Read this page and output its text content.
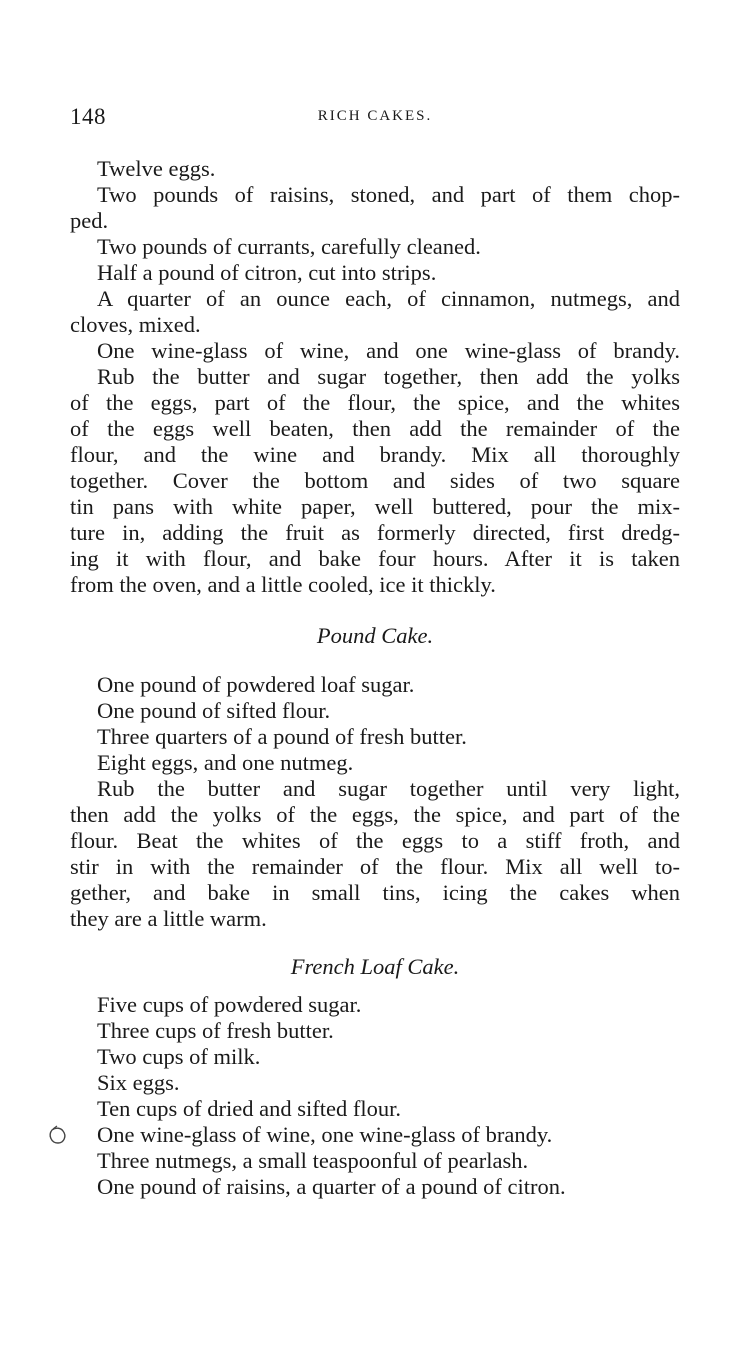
148	RICH CAKES.
Twelve eggs.
Two pounds of raisins, stoned, and part of them chop-
ped.
Two pounds of currants, carefully cleaned.
Half a pound of citron, cut into strips.
A quarter of an ounce each, of cinnamon, nutmegs, and
cloves, mixed.
One wine-glass of wine, and one wine-glass of brandy.
Rub the butter and sugar together, then add the yolks
of the eggs, part of the flour, the spice, and the whites
of the eggs well beaten, then add the remainder of the
flour, and the wine and brandy. Mix all thoroughly
together. Cover the bottom and sides of two square
tin pans with white paper, well buttered, pour the mix-
ture in, adding the fruit as formerly directed, first dredg-
ing it with flour, and bake four hours. After it is taken
from the oven, and a little cooled, ice it thickly.
Pound Cake.
One pound of powdered loaf sugar.
One pound of sifted flour.
Three quarters of a pound of fresh butter.
Eight eggs, and one nutmeg.
Rub the butter and sugar together until very light,
then add the yolks of the eggs, the spice, and part of the
flour. Beat the whites of the eggs to a stiff froth, and
stir in with the remainder of the flour. Mix all well to-
gether, and bake in small tins, icing the cakes when
they are a little warm.
French Loaf Cake.
Five cups of powdered sugar.
Three cups of fresh butter.
Two cups of milk.
Six eggs.
Ten cups of dried and sifted flour.
One wine-glass of wine, one wine-glass of brandy.
Three nutmegs, a small teaspoonful of pearlash.
One pound of raisins, a quarter of a pound of citron.
